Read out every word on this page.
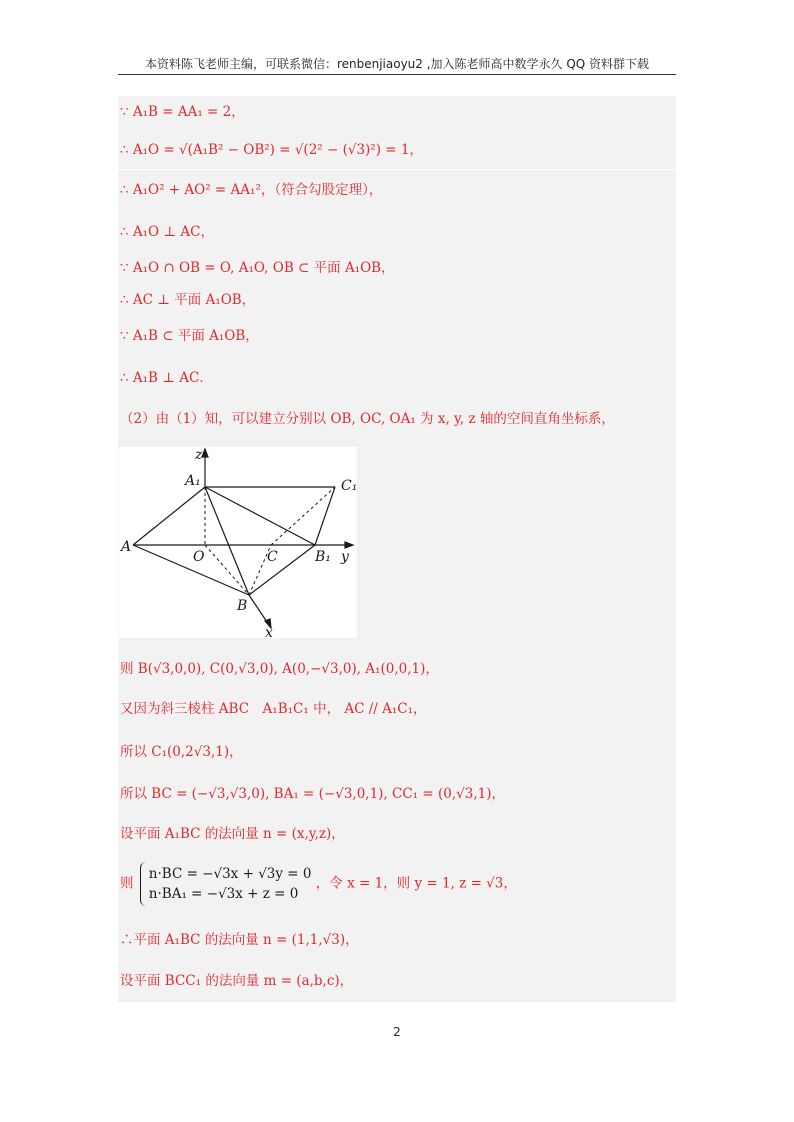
本资料陈飞老师主编，可联系微信：renbenjiaoyu2 ,加入陈老师高中数学永久 QQ 资料群下载
∵ A₁B = AA₁ = 2，
∴ A₁O = √(A₁B² − OB²) = √(2² − (√3)²) = 1，
∴ A₁O² + AO² = AA₁²，（符合勾股定理），
∴ A₁O ⊥ AC，
∵ A₁O ∩ OB = O, A₁O, OB ⊂ 平面 A₁OB，
∴ AC ⊥ 平面 A₁OB，
∵ A₁B ⊂ 平面 A₁OB，
∴ A₁B ⊥ AC．
（2）由（1）知，可以建立分别以 OB, OC, OA₁ 为 x, y, z 轴的空间直角坐标系，
z
A₁	C₁
A
O	C	B₁ y
B
x
则 B(√3,0,0), C(0,√3,0), A(0,−√3,0), A₁(0,0,1)，
又因为斜三棱柱 ABC　A₁B₁C₁ 中， AC // A₁C₁，
所以 C₁(0,2√3,1)，
所以 BC = (−√3,√3,0), BA₁ = (−√3,0,1), CC₁ = (0,√3,1)，
设平面 A₁BC 的法向量 n = (x,y,z)，
则
n·BC = −√3x + √3y = 0
n·BA₁ = −√3x + z = 0
，令 x = 1，则 y = 1, z = √3，
∴平面 A₁BC 的法向量 n = (1,1,√3)，
设平面 BCC₁ 的法向量 m = (a,b,c)，
2
